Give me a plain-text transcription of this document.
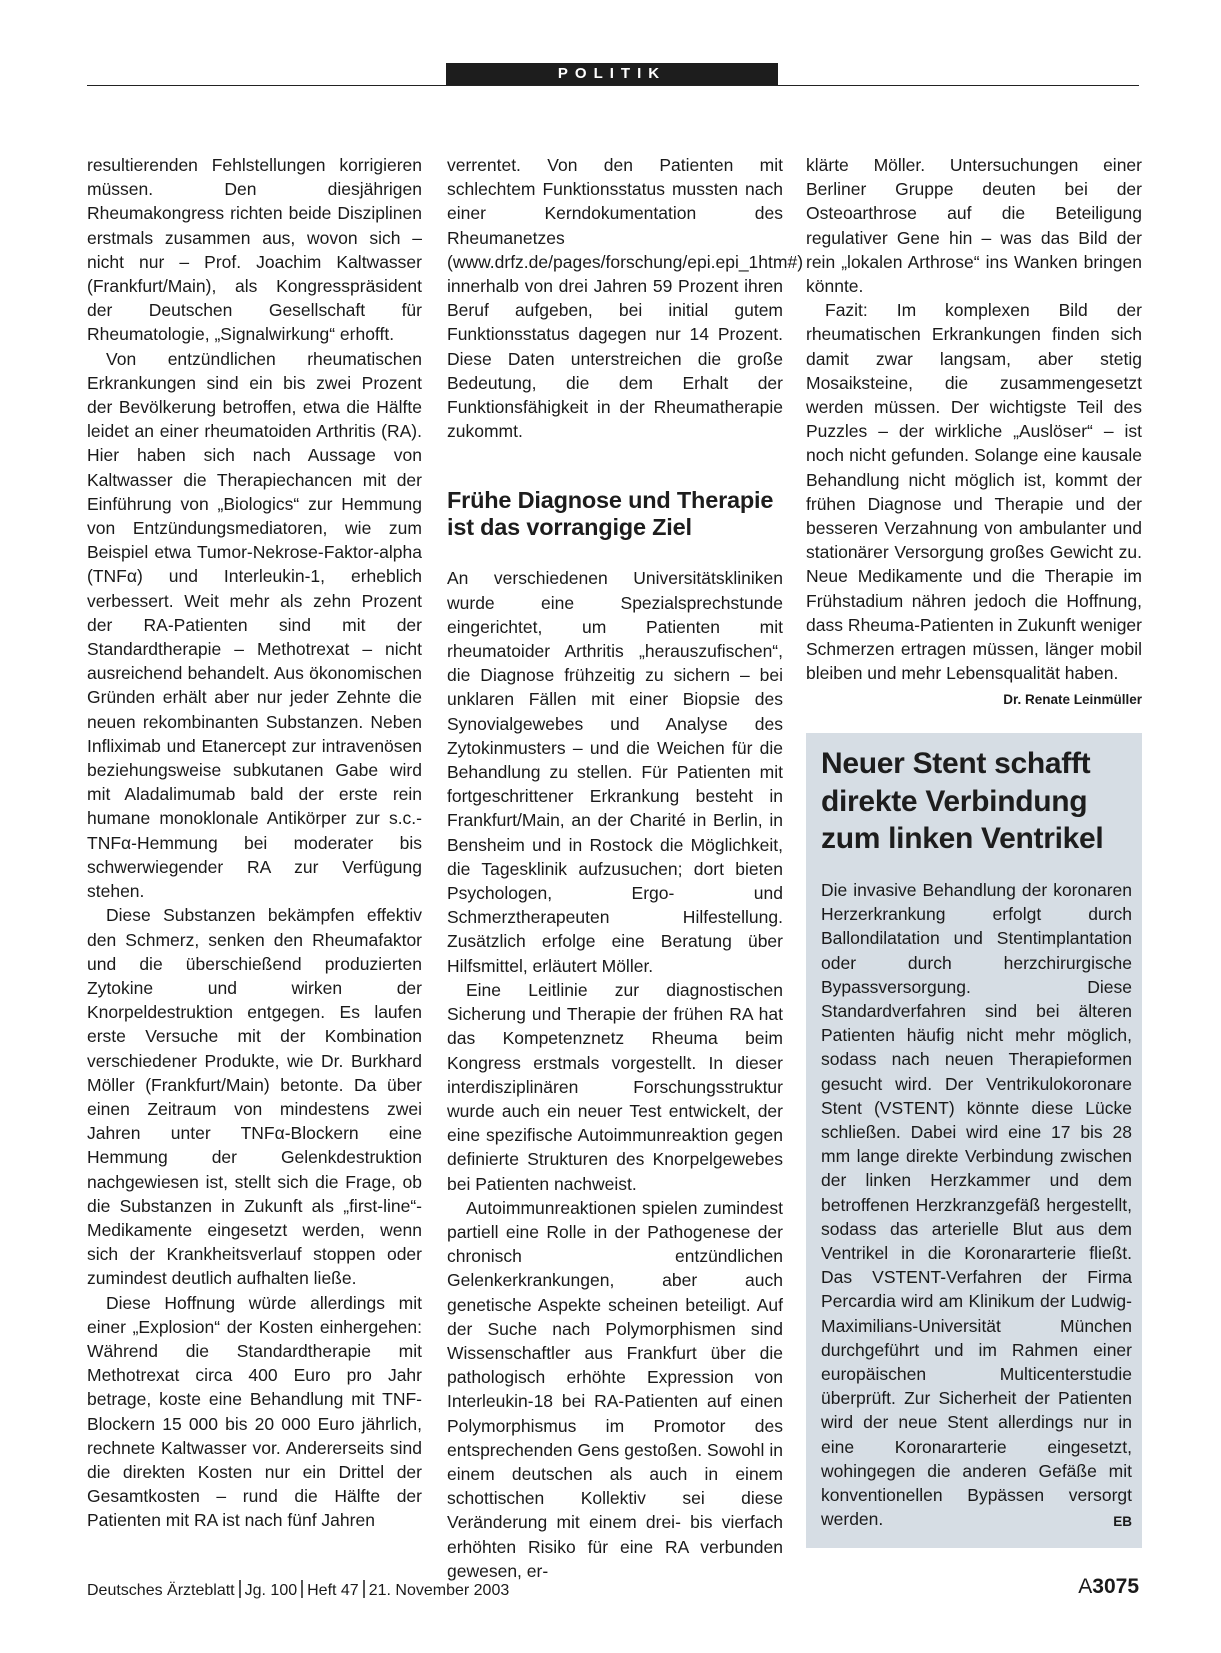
POLITIK

resultierenden Fehlstellungen korrigieren müssen. Den diesjährigen Rheumakongress richten beide Disziplinen erstmals zusammen aus, wovon sich – nicht nur – Prof. Joachim Kaltwasser (Frankfurt/Main), als Kongresspräsident der Deutschen Gesellschaft für Rheumatologie, „Signalwirkung“ erhofft.

Von entzündlichen rheumatischen Erkrankungen sind ein bis zwei Prozent der Bevölkerung betroffen, etwa die Hälfte leidet an einer rheumatoiden Arthritis (RA). Hier haben sich nach Aussage von Kaltwasser die Therapiechancen mit der Einführung von „Biologics“ zur Hemmung von Entzündungsmediatoren, wie zum Beispiel etwa Tumor-Nekrose-Faktor-alpha (TNFα) und Interleukin-1, erheblich verbessert. Weit mehr als zehn Prozent der RA-Patienten sind mit der Standardtherapie – Methotrexat – nicht ausreichend behandelt. Aus ökonomischen Gründen erhält aber nur jeder Zehnte die neuen rekombinanten Substanzen. Neben Infliximab und Etanercept zur intravenösen beziehungsweise subkutanen Gabe wird mit Aladalimumab bald der erste rein humane monoklonale Antikörper zur s.c.-TNFα-Hemmung bei moderater bis schwerwiegender RA zur Verfügung stehen.

Diese Substanzen bekämpfen effektiv den Schmerz, senken den Rheumafaktor und die überschießend produzierten Zytokine und wirken der Knorpeldestruktion entgegen. Es laufen erste Versuche mit der Kombination verschiedener Produkte, wie Dr. Burkhard Möller (Frankfurt/Main) betonte. Da über einen Zeitraum von mindestens zwei Jahren unter TNFα-Blockern eine Hemmung der Gelenkdestruktion nachgewiesen ist, stellt sich die Frage, ob die Substanzen in Zukunft als „first-line“-Medikamente eingesetzt werden, wenn sich der Krankheitsverlauf stoppen oder zumindest deutlich aufhalten ließe.

Diese Hoffnung würde allerdings mit einer „Explosion“ der Kosten einhergehen: Während die Standardtherapie mit Methotrexat circa 400 Euro pro Jahr betrage, koste eine Behandlung mit TNF-Blockern 15 000 bis 20 000 Euro jährlich, rechnete Kaltwasser vor. Andererseits sind die direkten Kosten nur ein Drittel der Gesamtkosten – rund die Hälfte der Patienten mit RA ist nach fünf Jahren

verrentet. Von den Patienten mit schlechtem Funktionsstatus mussten nach einer Kerndokumentation des Rheumanetzes (www.drfz.de/pages/forschung/epi.epi_1htm#) innerhalb von drei Jahren 59 Prozent ihren Beruf aufgeben, bei initial gutem Funktionsstatus dagegen nur 14 Prozent. Diese Daten unterstreichen die große Bedeutung, die dem Erhalt der Funktionsfähigkeit in der Rheumatherapie zukommt.

Frühe Diagnose und Therapie ist das vorrangige Ziel

An verschiedenen Universitätskliniken wurde eine Spezialsprechstunde eingerichtet, um Patienten mit rheumatoider Arthritis „herauszufischen“, die Diagnose frühzeitig zu sichern – bei unklaren Fällen mit einer Biopsie des Synovialgewebes und Analyse des Zytokinmusters – und die Weichen für die Behandlung zu stellen. Für Patienten mit fortgeschrittener Erkrankung besteht in Frankfurt/Main, an der Charité in Berlin, in Bensheim und in Rostock die Möglichkeit, die Tagesklinik aufzusuchen; dort bieten Psychologen, Ergo- und Schmerztherapeuten Hilfestellung. Zusätzlich erfolge eine Beratung über Hilfsmittel, erläutert Möller.

Eine Leitlinie zur diagnostischen Sicherung und Therapie der frühen RA hat das Kompetenznetz Rheuma beim Kongress erstmals vorgestellt. In dieser interdisziplinären Forschungsstruktur wurde auch ein neuer Test entwickelt, der eine spezifische Autoimmunreaktion gegen definierte Strukturen des Knorpelgewebes bei Patienten nachweist.

Autoimmunreaktionen spielen zumindest partiell eine Rolle in der Pathogenese der chronisch entzündlichen Gelenkerkrankungen, aber auch genetische Aspekte scheinen beteiligt. Auf der Suche nach Polymorphismen sind Wissenschaftler aus Frankfurt über die pathologisch erhöhte Expression von Interleukin-18 bei RA-Patienten auf einen Polymorphismus im Promotor des entsprechenden Gens gestoßen. Sowohl in einem deutschen als auch in einem schottischen Kollektiv sei diese Veränderung mit einem drei- bis vierfach erhöhten Risiko für eine RA verbunden gewesen, er-

klärte Möller. Untersuchungen einer Berliner Gruppe deuten bei der Osteoarthrose auf die Beteiligung regulativer Gene hin – was das Bild der rein „lokalen Arthrose“ ins Wanken bringen könnte.

Fazit: Im komplexen Bild der rheumatischen Erkrankungen finden sich damit zwar langsam, aber stetig Mosaiksteine, die zusammengesetzt werden müssen. Der wichtigste Teil des Puzzles – der wirkliche „Auslöser“ – ist noch nicht gefunden. Solange eine kausale Behandlung nicht möglich ist, kommt der frühen Diagnose und Therapie und der besseren Verzahnung von ambulanter und stationärer Versorgung großes Gewicht zu. Neue Medikamente und die Therapie im Frühstadium nähren jedoch die Hoffnung, dass Rheuma-Patienten in Zukunft weniger Schmerzen ertragen müssen, länger mobil bleiben und mehr Lebensqualität haben.
Dr. Renate Leinmüller

Neuer Stent schafft direkte Verbindung zum linken Ventrikel
Die invasive Behandlung der koronaren Herzerkrankung erfolgt durch Ballondilatation und Stentimplantation oder durch herzchirurgische Bypassversorgung. Diese Standardverfahren sind bei älteren Patienten häufig nicht mehr möglich, sodass nach neuen Therapieformen gesucht wird. Der Ventrikulokoronare Stent (VSTENT) könnte diese Lücke schließen. Dabei wird eine 17 bis 28 mm lange direkte Verbindung zwischen der linken Herzkammer und dem betroffenen Herzkranzgefäß hergestellt, sodass das arterielle Blut aus dem Ventrikel in die Koronararterie fließt. Das VSTENT-Verfahren der Firma Percardia wird am Klinikum der Ludwig-Maximilians-Universität München durchgeführt und im Rahmen einer europäischen Multicenterstudie überprüft. Zur Sicherheit der Patienten wird der neue Stent allerdings nur in eine Koronararterie eingesetzt, wohingegen die anderen Gefäße mit konventionellen Bypässen versorgt werden.	EB
Deutsches Ärzteblatt Jg. 100 Heft 47 21. November 2003	A3075
